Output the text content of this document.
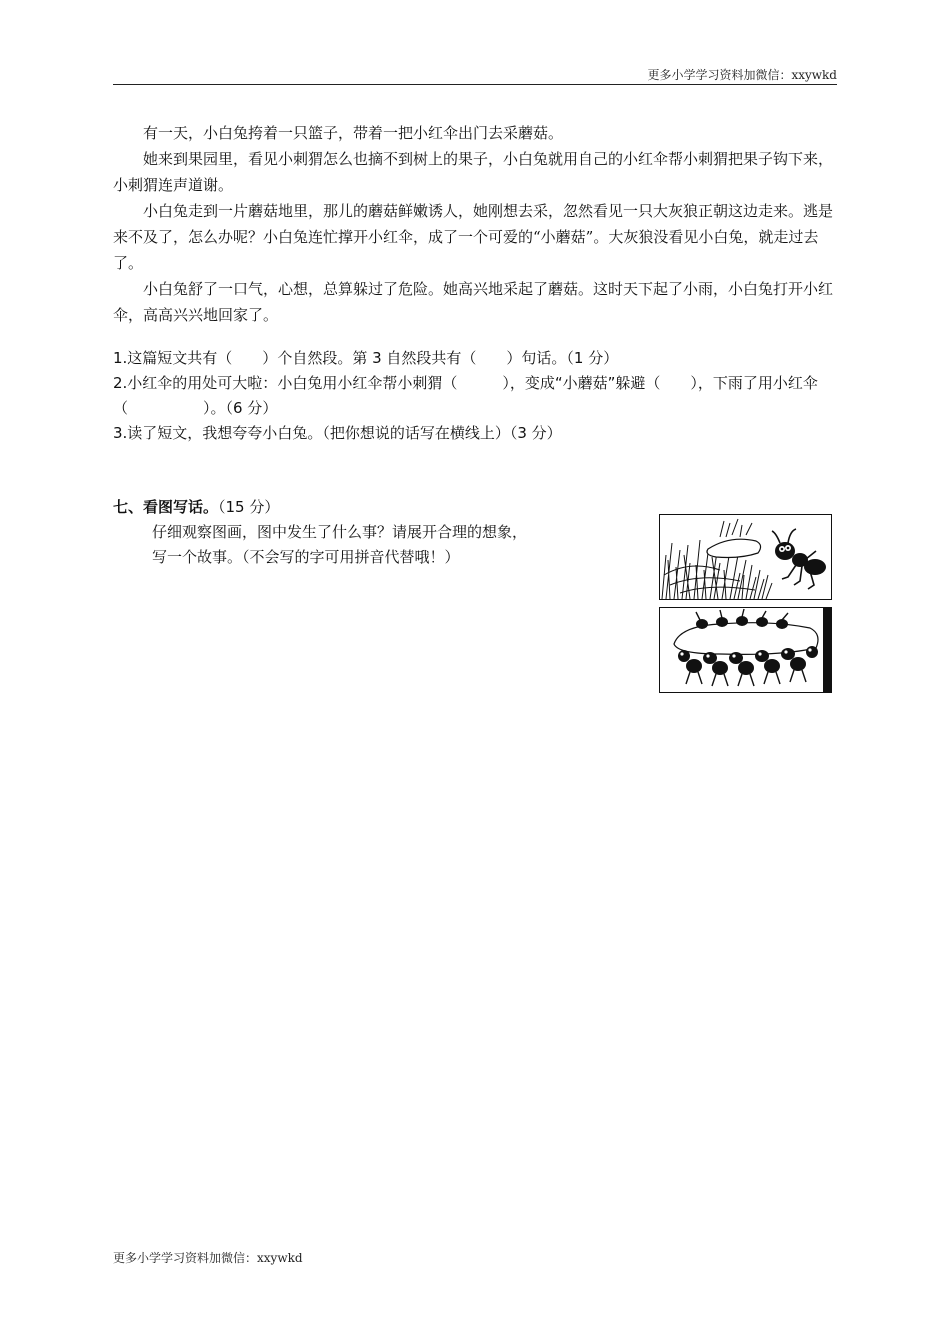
更多小学学习资料加微信：xxywkd

有一天，小白兔挎着一只篮子，带着一把小红伞出门去采蘑菇。

她来到果园里，看见小刺猬怎么也摘不到树上的果子，小白兔就用自己的小红伞帮小刺猬把果子钩下来，小刺猬连声道谢。

小白兔走到一片蘑菇地里，那儿的蘑菇鲜嫩诱人，她刚想去采，忽然看见一只大灰狼正朝这边走来。逃是来不及了，怎么办呢？小白兔连忙撑开小红伞，成了一个可爱的“小蘑菇”。大灰狼没看见小白兔，就走过去了。

小白兔舒了一口气，心想，总算躲过了危险。她高兴地采起了蘑菇。这时天下起了小雨，小白兔打开小红伞，高高兴兴地回家了。

1.这篇短文共有（　　）个自然段。第 3 自然段共有（　　）句话。（1 分）

2.小红伞的用处可大啦：小白兔用小红伞帮小刺猬（　　　），变成“小蘑菇”躲避（　　），下雨了用小红伞（　　　　　）。（6 分）

3.读了短文，我想夸夸小白兔。（把你想说的话写在横线上）（3 分）

七、看图写话。（15 分）

仔细观察图画，图中发生了什么事？请展开合理的想象，

写一个故事。（不会写的字可用拼音代替哦！）

更多小学学习资料加微信：xxywkd
